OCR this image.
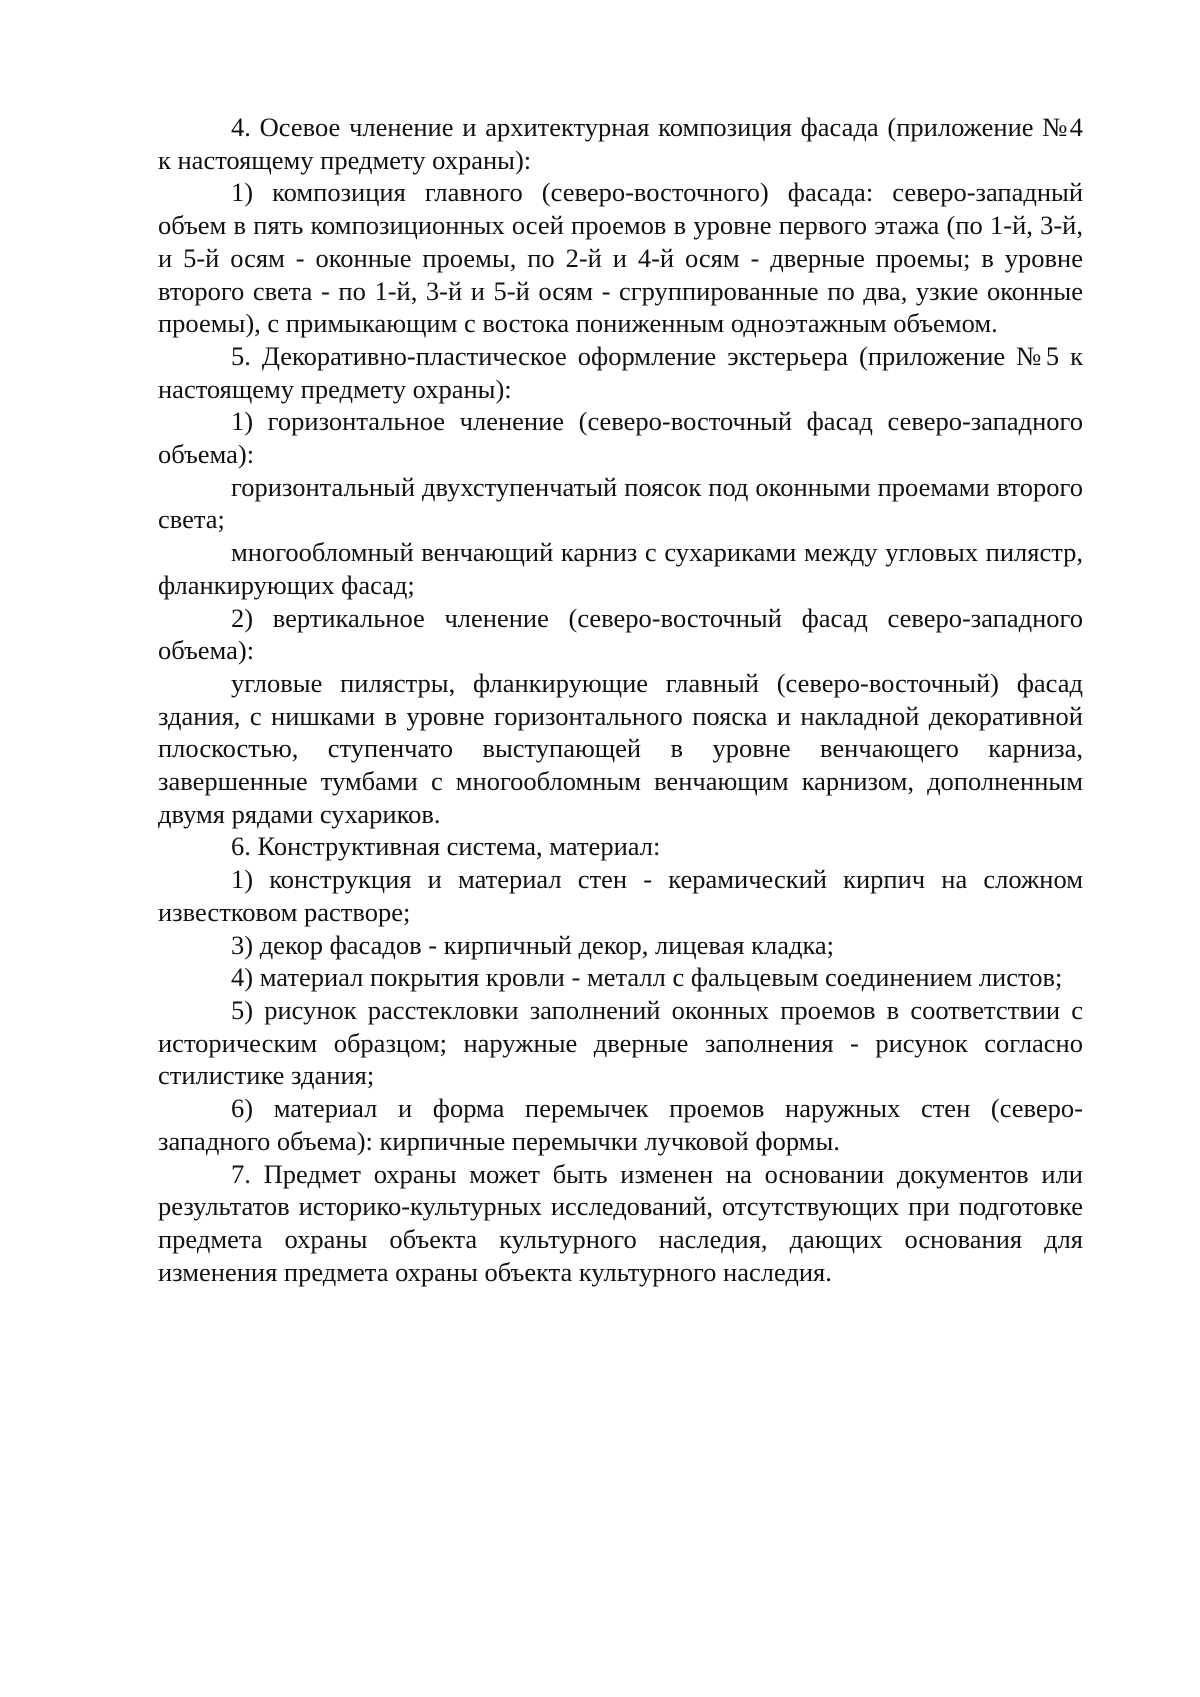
4. Осевое членение и архитектурная композиция фасада (приложение №4 к настоящему предмету охраны):

1) композиция главного (северо-восточного) фасада: северо-западный объем в пять композиционных осей проемов в уровне первого этажа (по 1-й, 3-й, и 5-й осям - оконные проемы, по 2-й и 4-й осям - дверные проемы; в уровне второго света - по 1-й, 3-й и 5-й осям - сгруппированные по два, узкие оконные проемы), с примыкающим с востока пониженным одноэтажным объемом.

5. Декоративно-пластическое оформление экстерьера (приложение №5 к настоящему предмету охраны):

1) горизонтальное членение (северо-восточный фасад северо-западного объема):

горизонтальный двухступенчатый поясок под оконными проемами второго света;

многообломный венчающий карниз с сухариками между угловых пилястр, фланкирующих фасад;

2) вертикальное членение (северо-восточный фасад северо-западного объема):

угловые пилястры, фланкирующие главный (северо-восточный) фасад здания, с нишками в уровне горизонтального пояска и накладной декоративной плоскостью, ступенчато выступающей в уровне венчающего карниза, завершенные тумбами с многообломным венчающим карнизом, дополненным двумя рядами сухариков.

6. Конструктивная система, материал:

1) конструкция и материал стен - керамический кирпич на сложном известковом растворе;

3) декор фасадов - кирпичный декор, лицевая кладка;

4) материал покрытия кровли - металл с фальцевым соединением листов;

5) рисунок расстекловки заполнений оконных проемов в соответствии с историческим образцом; наружные дверные заполнения - рисунок согласно стилистике здания;

6) материал и форма перемычек проемов наружных стен (северо-западного объема): кирпичные перемычки лучковой формы.

7. Предмет охраны может быть изменен на основании документов или результатов историко-культурных исследований, отсутствующих при подготовке предмета охраны объекта культурного наследия, дающих основания для изменения предмета охраны объекта культурного наследия.
